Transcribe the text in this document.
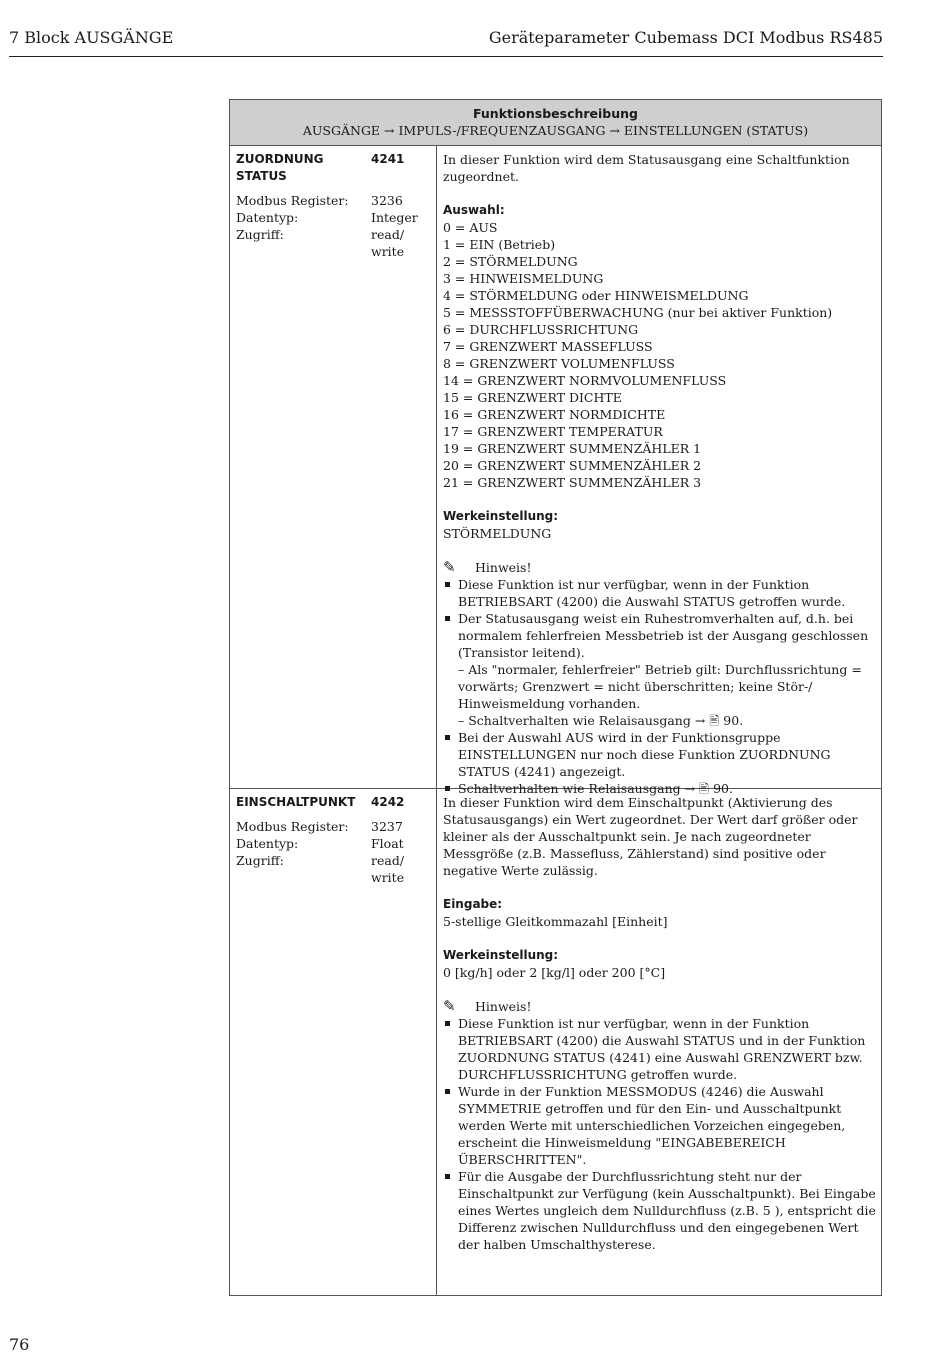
7 Block AUSGÄNGE	Geräteparameter Cubemass DCI Modbus RS485
Funktionsbeschreibung
AUSGÄNGE → IMPULS-/FREQUENZAUSGANG → EINSTELLUNGEN (STATUS)
ZUORDNUNG STATUS
4241
Modbus Register:
Datentyp:
Zugriff:
3236
Integer
read/
write

In dieser Funktion wird dem Statusausgang eine Schaltfunktion zugeordnet.

Auswahl:

0 = AUS

1 = EIN (Betrieb)

2 = STÖRMELDUNG

3 = HINWEISMELDUNG

4 = STÖRMELDUNG oder HINWEISMELDUNG

5 = MESSSTOFFÜBERWACHUNG (nur bei aktiver Funktion)

6 = DURCHFLUSSRICHTUNG

7 = GRENZWERT MASSEFLUSS

8 = GRENZWERT VOLUMENFLUSS

14 = GRENZWERT NORMVOLUMENFLUSS

15 = GRENZWERT DICHTE

16 = GRENZWERT NORMDICHTE

17 = GRENZWERT TEMPERATUR

19 = GRENZWERT SUMMENZÄHLER 1

20 = GRENZWERT SUMMENZÄHLER 2

21 = GRENZWERT SUMMENZÄHLER 3

Werkeinstellung:

STÖRMELDUNG

✎ Hinweis!

Diese Funktion ist nur verfügbar, wenn in der Funktion BETRIEBSART (4200) die Auswahl STATUS getroffen wurde.
Der Statusausgang weist ein Ruhestromverhalten auf, d.h. bei normalem fehlerfreien Messbetrieb ist der Ausgang geschlossen (Transistor leitend).

– Als "normaler, fehlerfreier" Betrieb gilt: Durchflussrichtung = vorwärts; Grenzwert = nicht überschritten; keine Stör-/ Hinweismeldung vorhanden.

– Schaltverhalten wie Relaisausgang → 🖹 90.

Bei der Auswahl AUS wird in der Funktionsgruppe EINSTELLUNGEN nur noch diese Funktion ZUORDNUNG STATUS (4241) angezeigt.
Schaltverhalten wie Relaisausgang → 🖹 90.
EINSCHALTPUNKT	4242
Modbus Register:
Datentyp:
Zugriff:
3237
Float
read/
write

In dieser Funktion wird dem Einschaltpunkt (Aktivierung des Statusausgangs) ein Wert zugeordnet. Der Wert darf größer oder kleiner als der Ausschaltpunkt sein. Je nach zugeordneter Messgröße (z.B. Massefluss, Zählerstand) sind positive oder negative Werte zulässig.

Eingabe:

5-stellige Gleitkommazahl [Einheit]

Werkeinstellung:

0 [kg/h] oder 2 [kg/l] oder 200 [°C]

✎ Hinweis!

Diese Funktion ist nur verfügbar, wenn in der Funktion BETRIEBSART (4200) die Auswahl STATUS und in der Funktion ZUORDNUNG STATUS (4241) eine Auswahl GRENZWERT bzw. DURCHFLUSSRICHTUNG getroffen wurde.
Wurde in der Funktion MESSMODUS (4246) die Auswahl SYMMETRIE getroffen und für den Ein- und Ausschaltpunkt werden Werte mit unterschiedlichen Vorzeichen eingegeben, erscheint die Hinweismeldung "EINGABEBEREICH ÜBERSCHRITTEN".
Für die Ausgabe der Durchflussrichtung steht nur der Einschaltpunkt zur Verfügung (kein Ausschaltpunkt). Bei Eingabe eines Wertes ungleich dem Nulldurchfluss (z.B. 5 ), entspricht die Differenz zwischen Nulldurchfluss und den eingegebenen Wert der halben Umschalthysterese.
76
